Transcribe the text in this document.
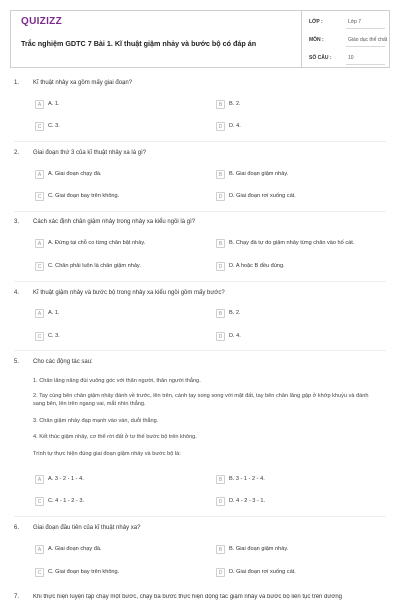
QUIZIZZ
Trắc nghiệm GDTC 7 Bài 1. Kĩ thuật giậm nhảy và bước bộ có đáp án
LỚP :	Lớp 7
MÔN :	Giáo dục thể chất
SỐ CÂU :	10
1. Kĩ thuật nhảy xa gồm mấy giai đoạn?
A	A. 1.	B	B. 2.
C	C. 3.	D	D. 4.
2. Giai đoạn thứ 3 của kĩ thuật nhảy xa là gì?
A	A. Giai đoạn chạy đà.	B	B. Giai đoạn giậm nhảy.
C	C. Giai đoạn bay trên không.	D	D. Giai đoạn rơi xuống cát.
3. Cách xác định chân giậm nhảy trong nhảy xa kiểu ngồi là gì?
A	A. Đứng tại chỗ co từng chân bật nhảy.	B	B. Chạy đà tự do giậm nhảy từng chân vào hố cát.
C	C. Chân phải luôn là chân giậm nhảy.	D	D. A hoặc B đều đúng.
4. Kĩ thuật giậm nhảy và bước bộ trong nhảy xa kiểu ngồi gồm mấy bước?
A	A. 1.	B	B. 2.
C	C. 3.	D	D. 4.
5. Cho các động tác sau:
1. Chân lăng nâng đùi vuông góc với thân người, thân người thẳng.
2. Tay cùng bên chân giậm nhảy đánh về trước, lên trên, cánh tay song song với mặt đất, tay bên chân lăng gập ở khớp khuỷu và đánh sang bên, lên trên ngang vai, mắt nhìn thẳng.
3. Chân giậm nhảy đạp mạnh vào ván, duỗi thẳng.
4. Kết thúc giậm nhảy, cơ thể rời đất ở tư thế bước bộ trên không.
Trình tự thực hiện đúng giai đoạn giậm nhảy và bước bộ là:
A	A. 3 - 2 - 1 - 4.	B	B. 3 - 1 - 2 - 4.
C	C. 4 - 1 - 2 - 3.	D	D. 4 - 2 - 3 - 1.
6. Giai đoạn đầu tiên của kĩ thuật nhảy xa?
A	A. Giai đoạn chạy đà.	B	B. Giai đoạn giậm nhảy.
C	C. Giai đoạn bay trên không.	D	D. Giai đoạn rơi xuống cát.
7. Khi thực hiện luyện tập chạy một bước, chạy ba bước thực hiện động tác giậm nhảy và bước bộ liên tục trên đường
